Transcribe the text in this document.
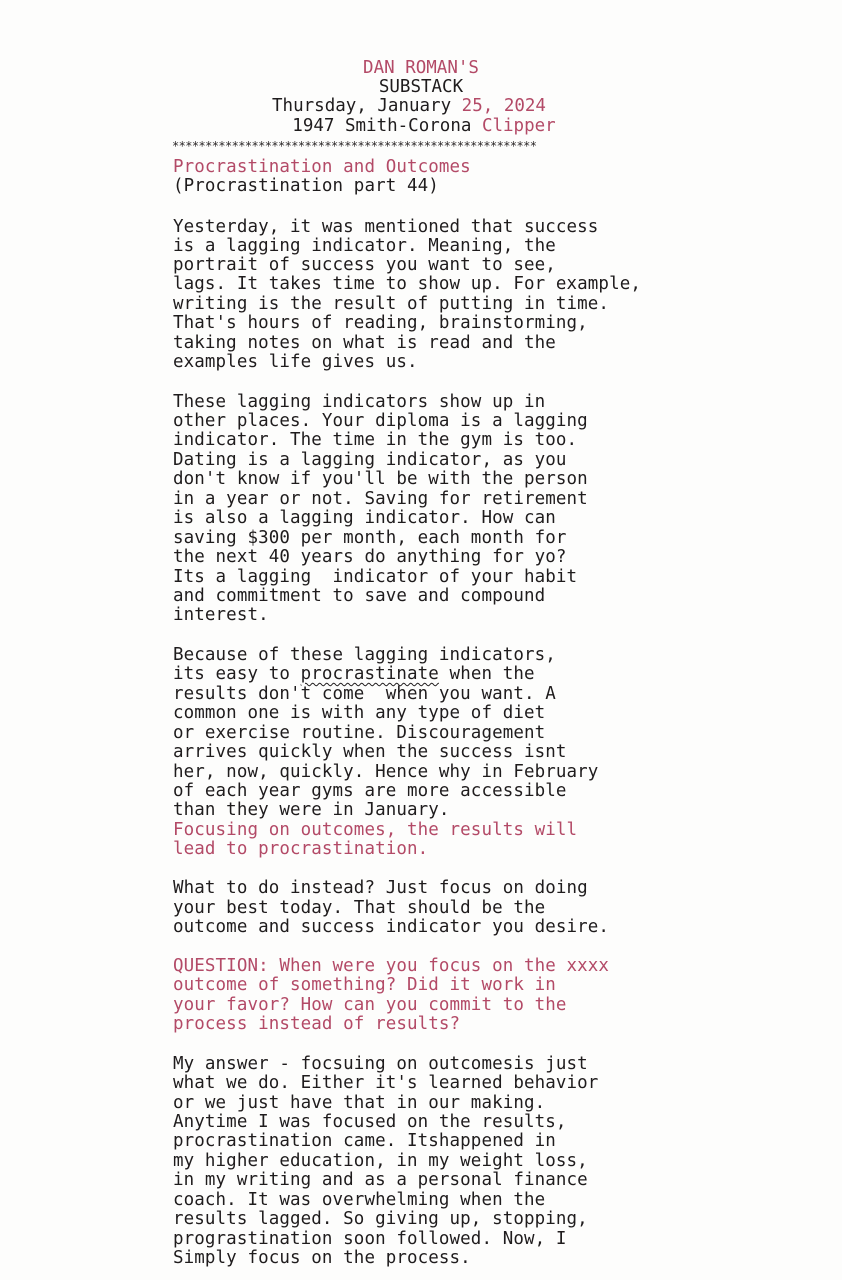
DAN ROMAN'S
SUBSTACK
Thursday, January 25, 2024
1947 Smith-Corona Clipper
*******************************************************
Procrastination and Outcomes
(Procrastination part 44)
Yesterday, it was mentioned that success
is a lagging indicator. Meaning, the
portrait of success you want to see,
lags. It takes time to show up. For example,
writing is the result of putting in time.
That's hours of reading, brainstorming,
taking notes on what is read and the
examples life gives us.
These lagging indicators show up in
other places. Your diploma is a lagging
indicator. The time in the gym is too.
Dating is a lagging indicator, as you
don't know if you'll be with the person
in a year or not. Saving for retirement
is also a lagging indicator. How can
saving $300 per month, each month for
the next 40 years do anything for yo?
Its a lagging  indicator of your habit
and commitment to save and compound
interest.
Because of these lagging indicators,
its easy to procrastinate when the
results don't come  when you want. A
common one is with any type of diet
or exercise routine. Discouragement
arrives quickly when the success isnt
her, now, quickly. Hence why in February
of each year gyms are more accessible
than they were in January.
Focusing on outcomes, the results will
lead to procrastination.
What to do instead? Just focus on doing
your best today. That should be the
outcome and success indicator you desire.
QUESTION: When were you focus on the xxxx
outcome of something? Did it work in
your favor? How can you commit to the
process instead of results?
My answer - focsuing on outcomesis just
what we do. Either it's learned behavior
or we just have that in our making.
Anytime I was focused on the results,
procrastination came. Itshappened in
my higher education, in my weight loss,
in my writing and as a personal finance
coach. It was overwhelming when the
results lagged. So giving up, stopping,
prograstination soon followed. Now, I
Simply focus on the process.
